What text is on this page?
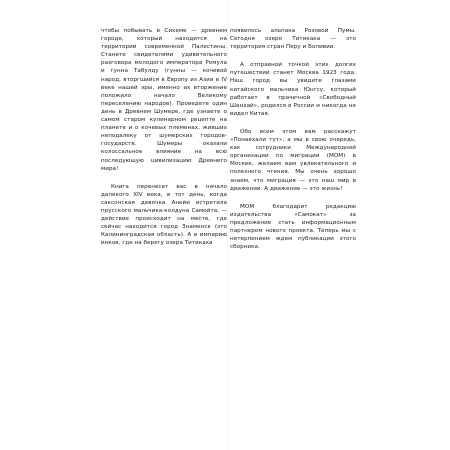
чтобы побывать в Сихеме — древнем городе, который находится на территории современной Палестины. Станете свидетелями удивительного разговора молодого императора Ромула и гунна Табулду (гунны — кочевой народ, вторгшийся в Европу из Азии в IV веке нашей эры, именно их вторжение положило начало Великому переселению народов). Проведете один день в Древнем Шумере, где узнаете о самом старом кулинарном рецепте на планете и о кочевых племенах, живших неподалеку от шумерских городов-государств. Шумеры оказали колоссальное влияние на всю последующую цивилизацию Древнего мира!

Книга перенесет вас в начало далекого XIV века, в тот день, когда саксонская девочка Анейи встретила прусского мальчика-колдуна Самойта, — действие происходит на месте, где сейчас находится город Знаменск (это Калининградская область). А в империю инков, где на берегу озера Титикака

появилось альпака Розовой Пумы. Сегодня озеро Титикака — это территория стран Перу и Боливии.

А отправной точкой этих долгих путешествий станет Москва 1923 года. Наш город вы увидите глазами китайского мальчика Юнгсу, который работает в прачечной «Свободный Шанхай», родился в России и никогда не видел Китая.

Обо всем этом вам расскажут «Понаехали тут», а мы в свою очередь, как сотрудники Международной организации по миграции (МОМ) в Москве, желаем вам увлекательного и полезного чтения. Мы очень хорошо знаем, что миграция — это наш мир в движении. А движение — это жизнь!

МОМ благодарит редакцию издательства «Самокат» за предложение стать информационным партнером нового проекта. Теперь мы с нетерпением ждем публикации этого сборника.
